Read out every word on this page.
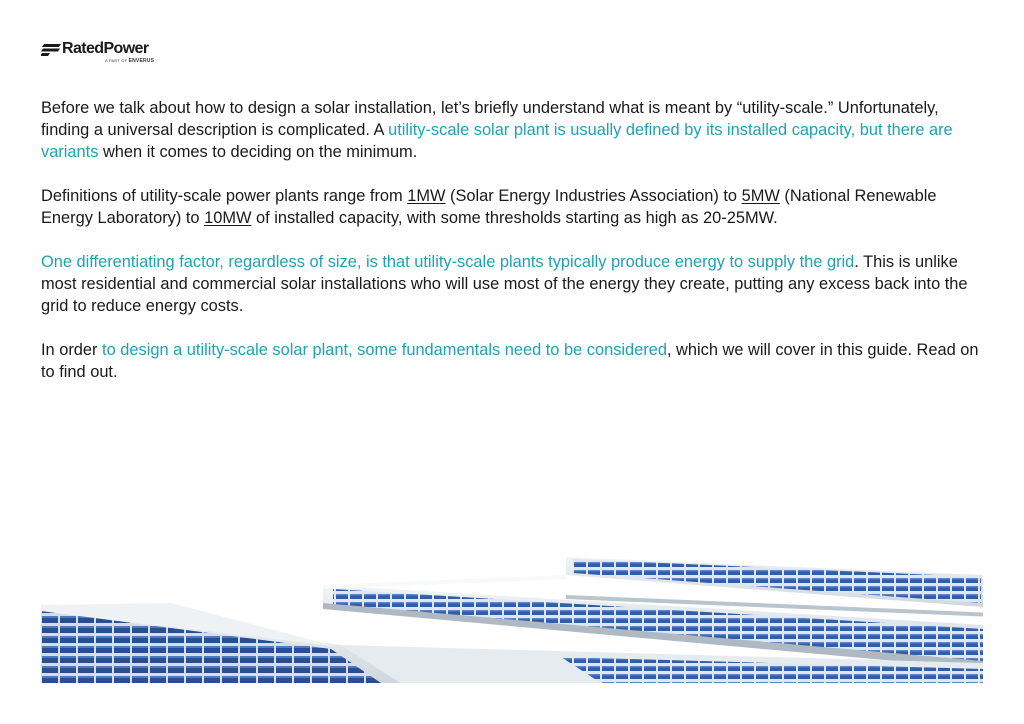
RatedPower
A PART OF ENVERUS

Before we talk about how to design a solar installation, let’s briefly understand what is meant by “utility-scale.” Unfortunately, finding a universal description is complicated. A utility-scale solar plant is usually defined by its installed capacity, but there are variants when it comes to deciding on the minimum.

Definitions of utility-scale power plants range from 1MW (Solar Energy Industries Association) to 5MW (National Renewable Energy Laboratory) to 10MW of installed capacity, with some thresholds starting as high as 20-25MW.

One differentiating factor, regardless of size, is that utility-scale plants typically produce energy to supply the grid. This is unlike most residential and commercial solar installations who will use most of the energy they create, putting any excess back into the grid to reduce energy costs.

In order to design a utility-scale solar plant, some fundamentals need to be considered, which we will cover in this guide. Read on to find out.
